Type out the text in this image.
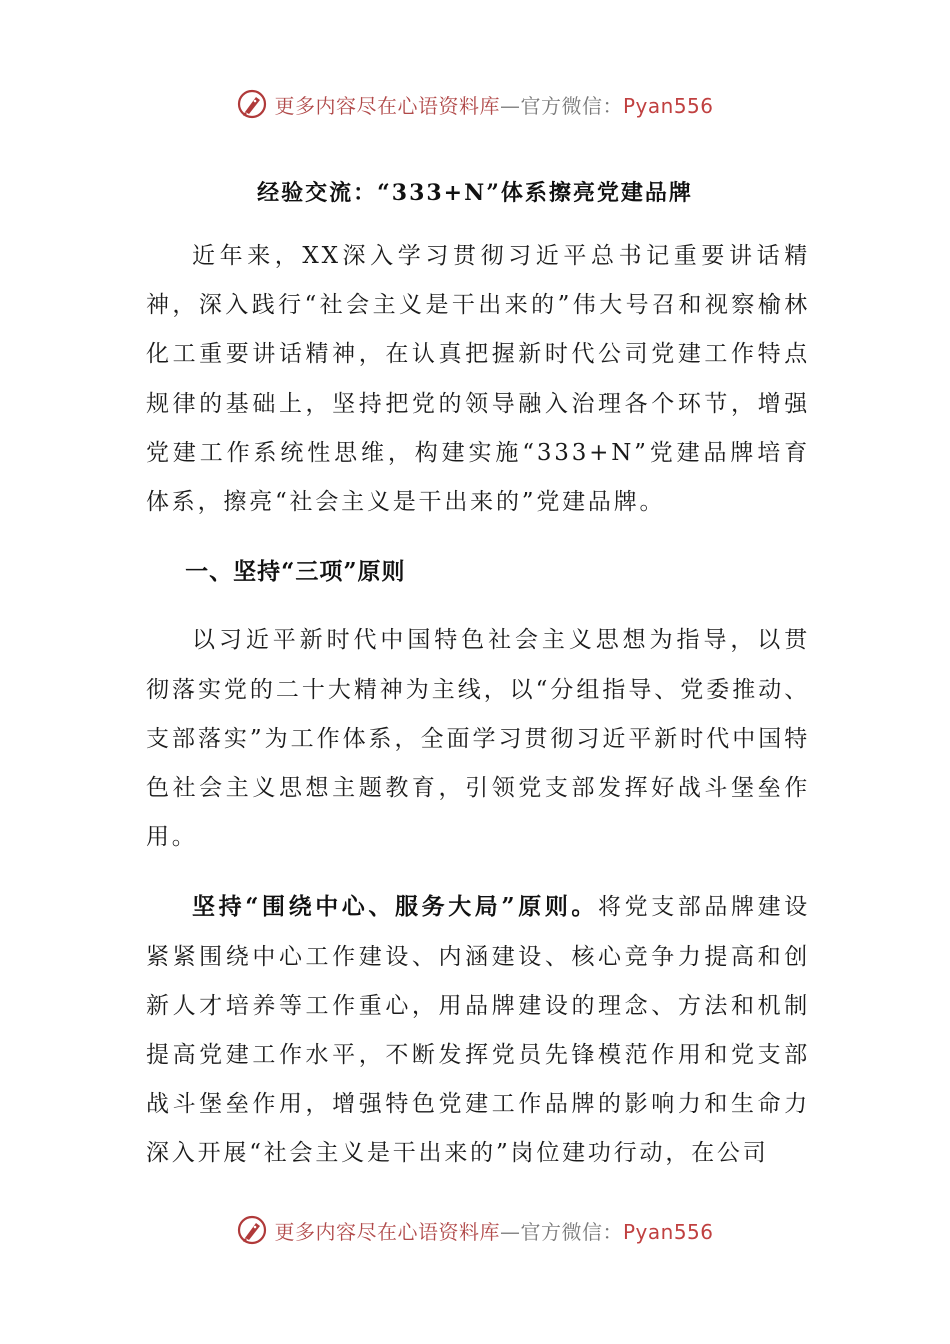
更多内容尽在心语资料库—官方微信：Pyan556
经验交流：“333+N”体系擦亮党建品牌

近年来，XX深入学习贯彻习近平总书记重要讲话精神，深入践行“社会主义是干出来的”伟大号召和视察榆林化工重要讲话精神，在认真把握新时代公司党建工作特点规律的基础上，坚持把党的领导融入治理各个环节，增强党建工作系统性思维，构建实施“333+N”党建品牌培育体系，擦亮“社会主义是干出来的”党建品牌。

一、坚持“三项”原则

以习近平新时代中国特色社会主义思想为指导，以贯彻落实党的二十大精神为主线，以“分组指导、党委推动、支部落实”为工作体系，全面学习贯彻习近平新时代中国特色社会主义思想主题教育，引领党支部发挥好战斗堡垒作用。

坚持“围绕中心、服务大局”原则。将党支部品牌建设紧紧围绕中心工作建设、内涵建设、核心竞争力提高和创新人才培养等工作重心，用品牌建设的理念、方法和机制提高党建工作水平，不断发挥党员先锋模范作用和党支部战斗堡垒作用，增强特色党建工作品牌的影响力和生命力深入开展“社会主义是干出来的”岗位建功行动，在公司

更多内容尽在心语资料库—官方微信：Pyan556
